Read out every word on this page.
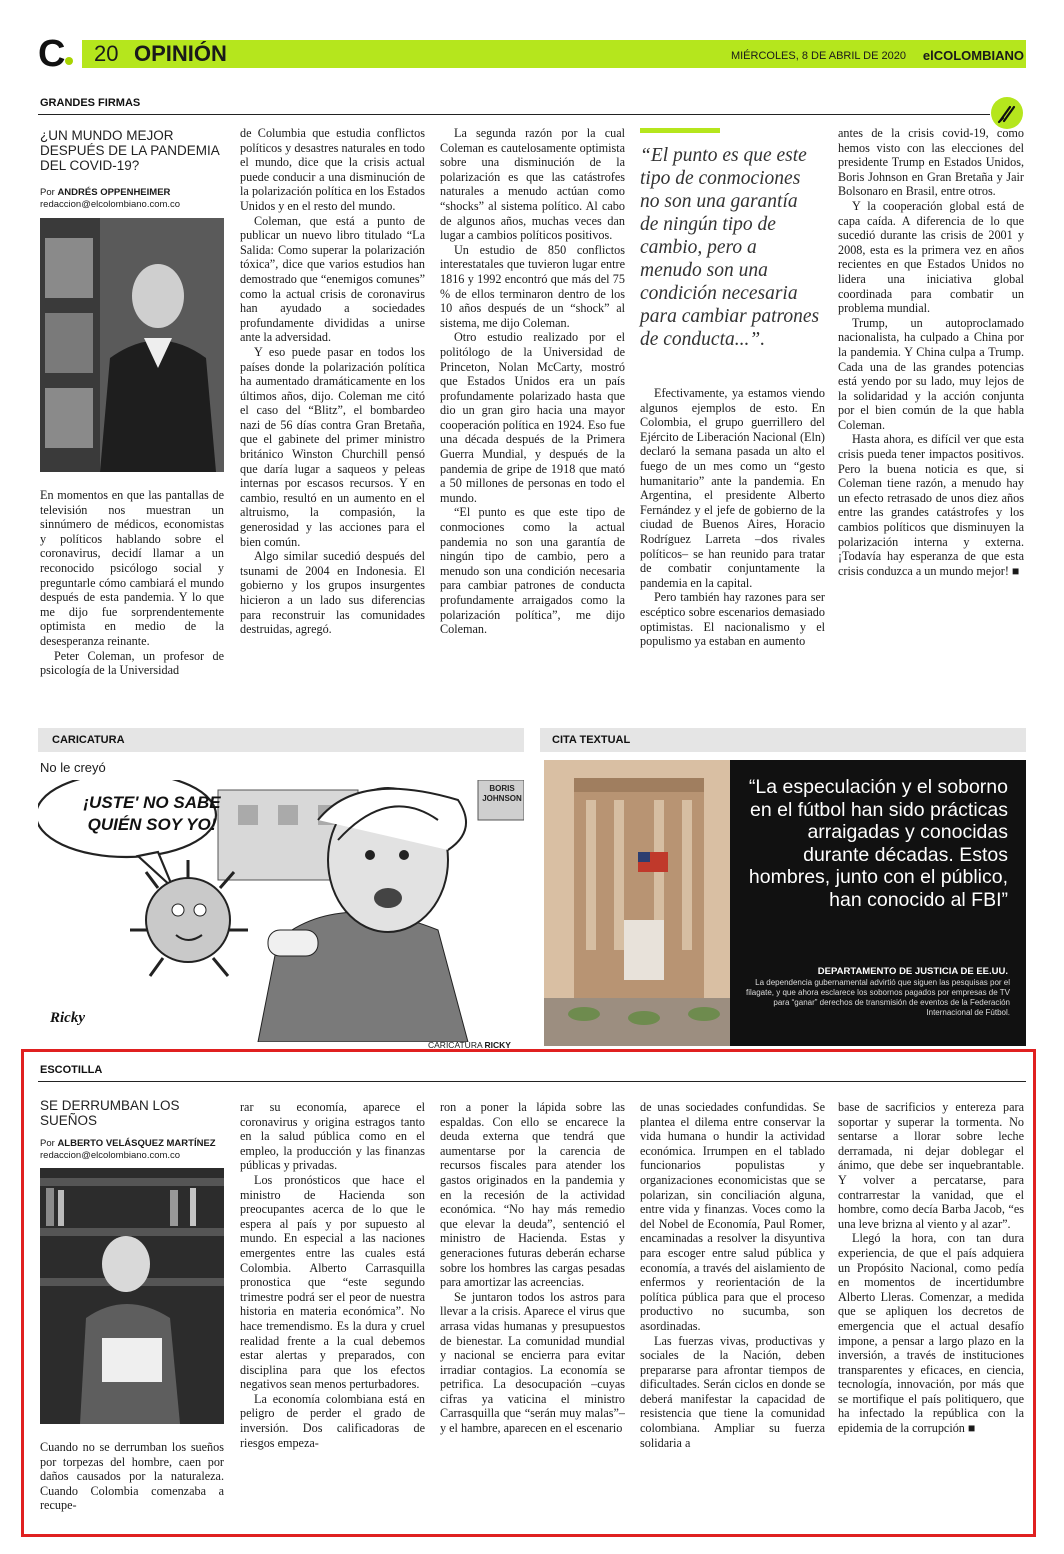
C	20 OPINIÓN	MIÉRCOLES, 8 DE ABRIL DE 2020 elCOLOMBIANO
GRANDES FIRMAS
¿UN MUNDO MEJOR DESPUÉS DE LA PANDEMIA DEL COVID-19?
Por ANDRÉS OPPENHEIMER
redaccion@elcolombiano.com.co

En momentos en que las pantallas de televisión nos muestran un sinnúmero de médicos, economistas y políticos hablando sobre el coronavirus, decidí llamar a un reconocido psicólogo social y preguntarle cómo cambiará el mundo después de esta pandemia. Y lo que me dijo fue sorprendentemente optimista en medio de la desesperanza reinante.

Peter Coleman, un profesor de psicología de la Universidad

de Columbia que estudia conflictos políticos y desastres naturales en todo el mundo, dice que la crisis actual puede conducir a una disminución de la polarización política en los Estados Unidos y en el resto del mundo.

Coleman, que está a punto de publicar un nuevo libro titulado “La Salida: Como superar la polarización tóxica”, dice que varios estudios han demostrado que “enemigos comunes” como la actual crisis de coronavirus han ayudado a sociedades profundamente divididas a unirse ante la adversidad.

Y eso puede pasar en todos los países donde la polarización política ha aumentado dramáticamente en los últimos años, dijo. Coleman me citó el caso del “Blitz”, el bombardeo nazi de 56 días contra Gran Bretaña, que el gabinete del primer ministro británico Winston Churchill pensó que daría lugar a saqueos y peleas internas por escasos recursos. Y en cambio, resultó en un aumento en el altruismo, la compasión, la generosidad y las acciones para el bien común.

Algo similar sucedió después del tsunami de 2004 en Indonesia. El gobierno y los grupos insurgentes hicieron a un lado sus diferencias para reconstruir las comunidades destruidas, agregó.

La segunda razón por la cual Coleman es cautelosamente optimista sobre una disminución de la polarización es que las catástrofes naturales a menudo actúan como “shocks” al sistema político. Al cabo de algunos años, muchas veces dan lugar a cambios políticos positivos.

Un estudio de 850 conflictos interestatales que tuvieron lugar entre 1816 y 1992 encontró que más del 75 % de ellos terminaron dentro de los 10 años después de un “shock” al sistema, me dijo Coleman.

Otro estudio realizado por el politólogo de la Universidad de Princeton, Nolan McCarty, mostró que Estados Unidos era un país profundamente polarizado hasta que dio un gran giro hacia una mayor cooperación política en 1924. Eso fue una década después de la Primera Guerra Mundial, y después de la pandemia de gripe de 1918 que mató a 50 millones de personas en todo el mundo.

“El punto es que este tipo de conmociones como la actual pandemia no son una garantía de ningún tipo de cambio, pero a menudo son una condición necesaria para cambiar patrones de conducta profundamente arraigados como la polarización política”, me dijo Coleman.

“El punto es que este tipo de conmociones no son una garantía de ningún tipo de cambio, pero a menudo son una condición necesaria para cambiar patrones de conducta...”.

Efectivamente, ya estamos viendo algunos ejemplos de esto. En Colombia, el grupo guerrillero del Ejército de Liberación Nacional (Eln) declaró la semana pasada un alto el fuego de un mes como un “gesto humanitario” ante la pandemia. En Argentina, el presidente Alberto Fernández y el jefe de gobierno de la ciudad de Buenos Aires, Horacio Rodríguez Larreta –dos rivales políticos– se han reunido para tratar de combatir conjuntamente la pandemia en la capital.

Pero también hay razones para ser escéptico sobre escenarios demasiado optimistas. El nacionalismo y el populismo ya estaban en aumento

antes de la crisis covid-19, como hemos visto con las elecciones del presidente Trump en Estados Unidos, Boris Johnson en Gran Bretaña y Jair Bolsonaro en Brasil, entre otros.

Y la cooperación global está de capa caída. A diferencia de lo que sucedió durante las crisis de 2001 y 2008, esta es la primera vez en años recientes en que Estados Unidos no lidera una iniciativa global coordinada para combatir un problema mundial.

Trump, un autoproclamado nacionalista, ha culpado a China por la pandemia. Y China culpa a Trump. Cada una de las grandes potencias está yendo por su lado, muy lejos de la solidaridad y la acción conjunta por el bien común de la que habla Coleman.

Hasta ahora, es difícil ver que esta crisis pueda tener impactos positivos. Pero la buena noticia es que, si Coleman tiene razón, a menudo hay un efecto retrasado de unos diez años entre las grandes catástrofes y los cambios políticos que disminuyen la polarización interna y externa. ¡Todavía hay esperanza de que esta crisis conduzca a un mundo mejor! ■

CARICATURA
No le creyó
¡USTE' NO SABE
QUIÉN SOY YO!
BORIS
JOHNSON
Ricky
CARICATURA RICKY
CITA TEXTUAL
“La especulación y el soborno en el fútbol han sido prácticas arraigadas y conocidas durante décadas. Estos hombres, junto con el público, han conocido al FBI”
DEPARTAMENTO DE JUSTICIA DE EE.UU.
La dependencia gubernamental advirtió que siguen las pesquisas por el filagate, y que ahora esclarece los sobornos pagados por empresas de TV para “ganar” derechos de transmisión de eventos de la Federación Internacional de Fútbol.
ESCOTILLA
SE DERRUMBAN LOS SUEÑOS
Por ALBERTO VELÁSQUEZ MARTÍNEZ
redaccion@elcolombiano.com.co

Cuando no se derrumban los sueños por torpezas del hombre, caen por daños causados por la naturaleza. Cuando Colombia comenzaba a recupe-

rar su economía, aparece el coronavirus y origina estragos tanto en la salud pública como en el empleo, la producción y las finanzas públicas y privadas.

Los pronósticos que hace el ministro de Hacienda son preocupantes acerca de lo que le espera al país y por supuesto al mundo. En especial a las naciones emergentes entre las cuales está Colombia. Alberto Carrasquilla pronostica que “este segundo trimestre podrá ser el peor de nuestra historia en materia económica”. No hace tremendismo. Es la dura y cruel realidad frente a la cual debemos estar alertas y preparados, con disciplina para que los efectos negativos sean menos perturbadores.

La economía colombiana está en peligro de perder el grado de inversión. Dos calificadoras de riesgos empeza-

ron a poner la lápida sobre las espaldas. Con ello se encarece la deuda externa que tendrá que aumentarse por la carencia de recursos fiscales para atender los gastos originados en la pandemia y en la recesión de la actividad económica. “No hay más remedio que elevar la deuda”, sentenció el ministro de Hacienda. Estas y generaciones futuras deberán echarse sobre los hombres las cargas pesadas para amortizar las acreencias.

Se juntaron todos los astros para llevar a la crisis. Aparece el virus que arrasa vidas humanas y presupuestos de bienestar. La comunidad mundial y nacional se encierra para evitar irradiar contagios. La economía se petrifica. La desocupación –cuyas cifras ya vaticina el ministro Carrasquilla que “serán muy malas”– y el hambre, aparecen en el escenario

de unas sociedades confundidas. Se plantea el dilema entre conservar la vida humana o hundir la actividad económica. Irrumpen en el tablado funcionarios populistas y organizaciones economicistas que se polarizan, sin conciliación alguna, entre vida y finanzas. Voces como la del Nobel de Economía, Paul Romer, encaminadas a resolver la disyuntiva para escoger entre salud pública y economía, a través del aislamiento de enfermos y reorientación de la política pública para que el proceso productivo no sucumba, son asordinadas.

Las fuerzas vivas, productivas y sociales de la Nación, deben prepararse para afrontar tiempos de dificultades. Serán ciclos en donde se deberá manifestar la capacidad de resistencia que tiene la comunidad colombiana. Ampliar su fuerza solidaria a

base de sacrificios y entereza para soportar y superar la tormenta. No sentarse a llorar sobre leche derramada, ni dejar doblegar el ánimo, que debe ser inquebrantable. Y volver a percatarse, para contrarrestar la vanidad, que el hombre, como decía Barba Jacob, “es una leve brizna al viento y al azar”.

Llegó la hora, con tan dura experiencia, de que el país adquiera un Propósito Nacional, como pedía en momentos de incertidumbre Alberto Lleras. Comenzar, a medida que se apliquen los decretos de emergencia que el actual desafío impone, a pensar a largo plazo en la inversión, a través de instituciones transparentes y eficaces, en ciencia, tecnología, innovación, por más que se mortifique el país politiquero, que ha infectado la república con la epidemia de la corrupción ■
